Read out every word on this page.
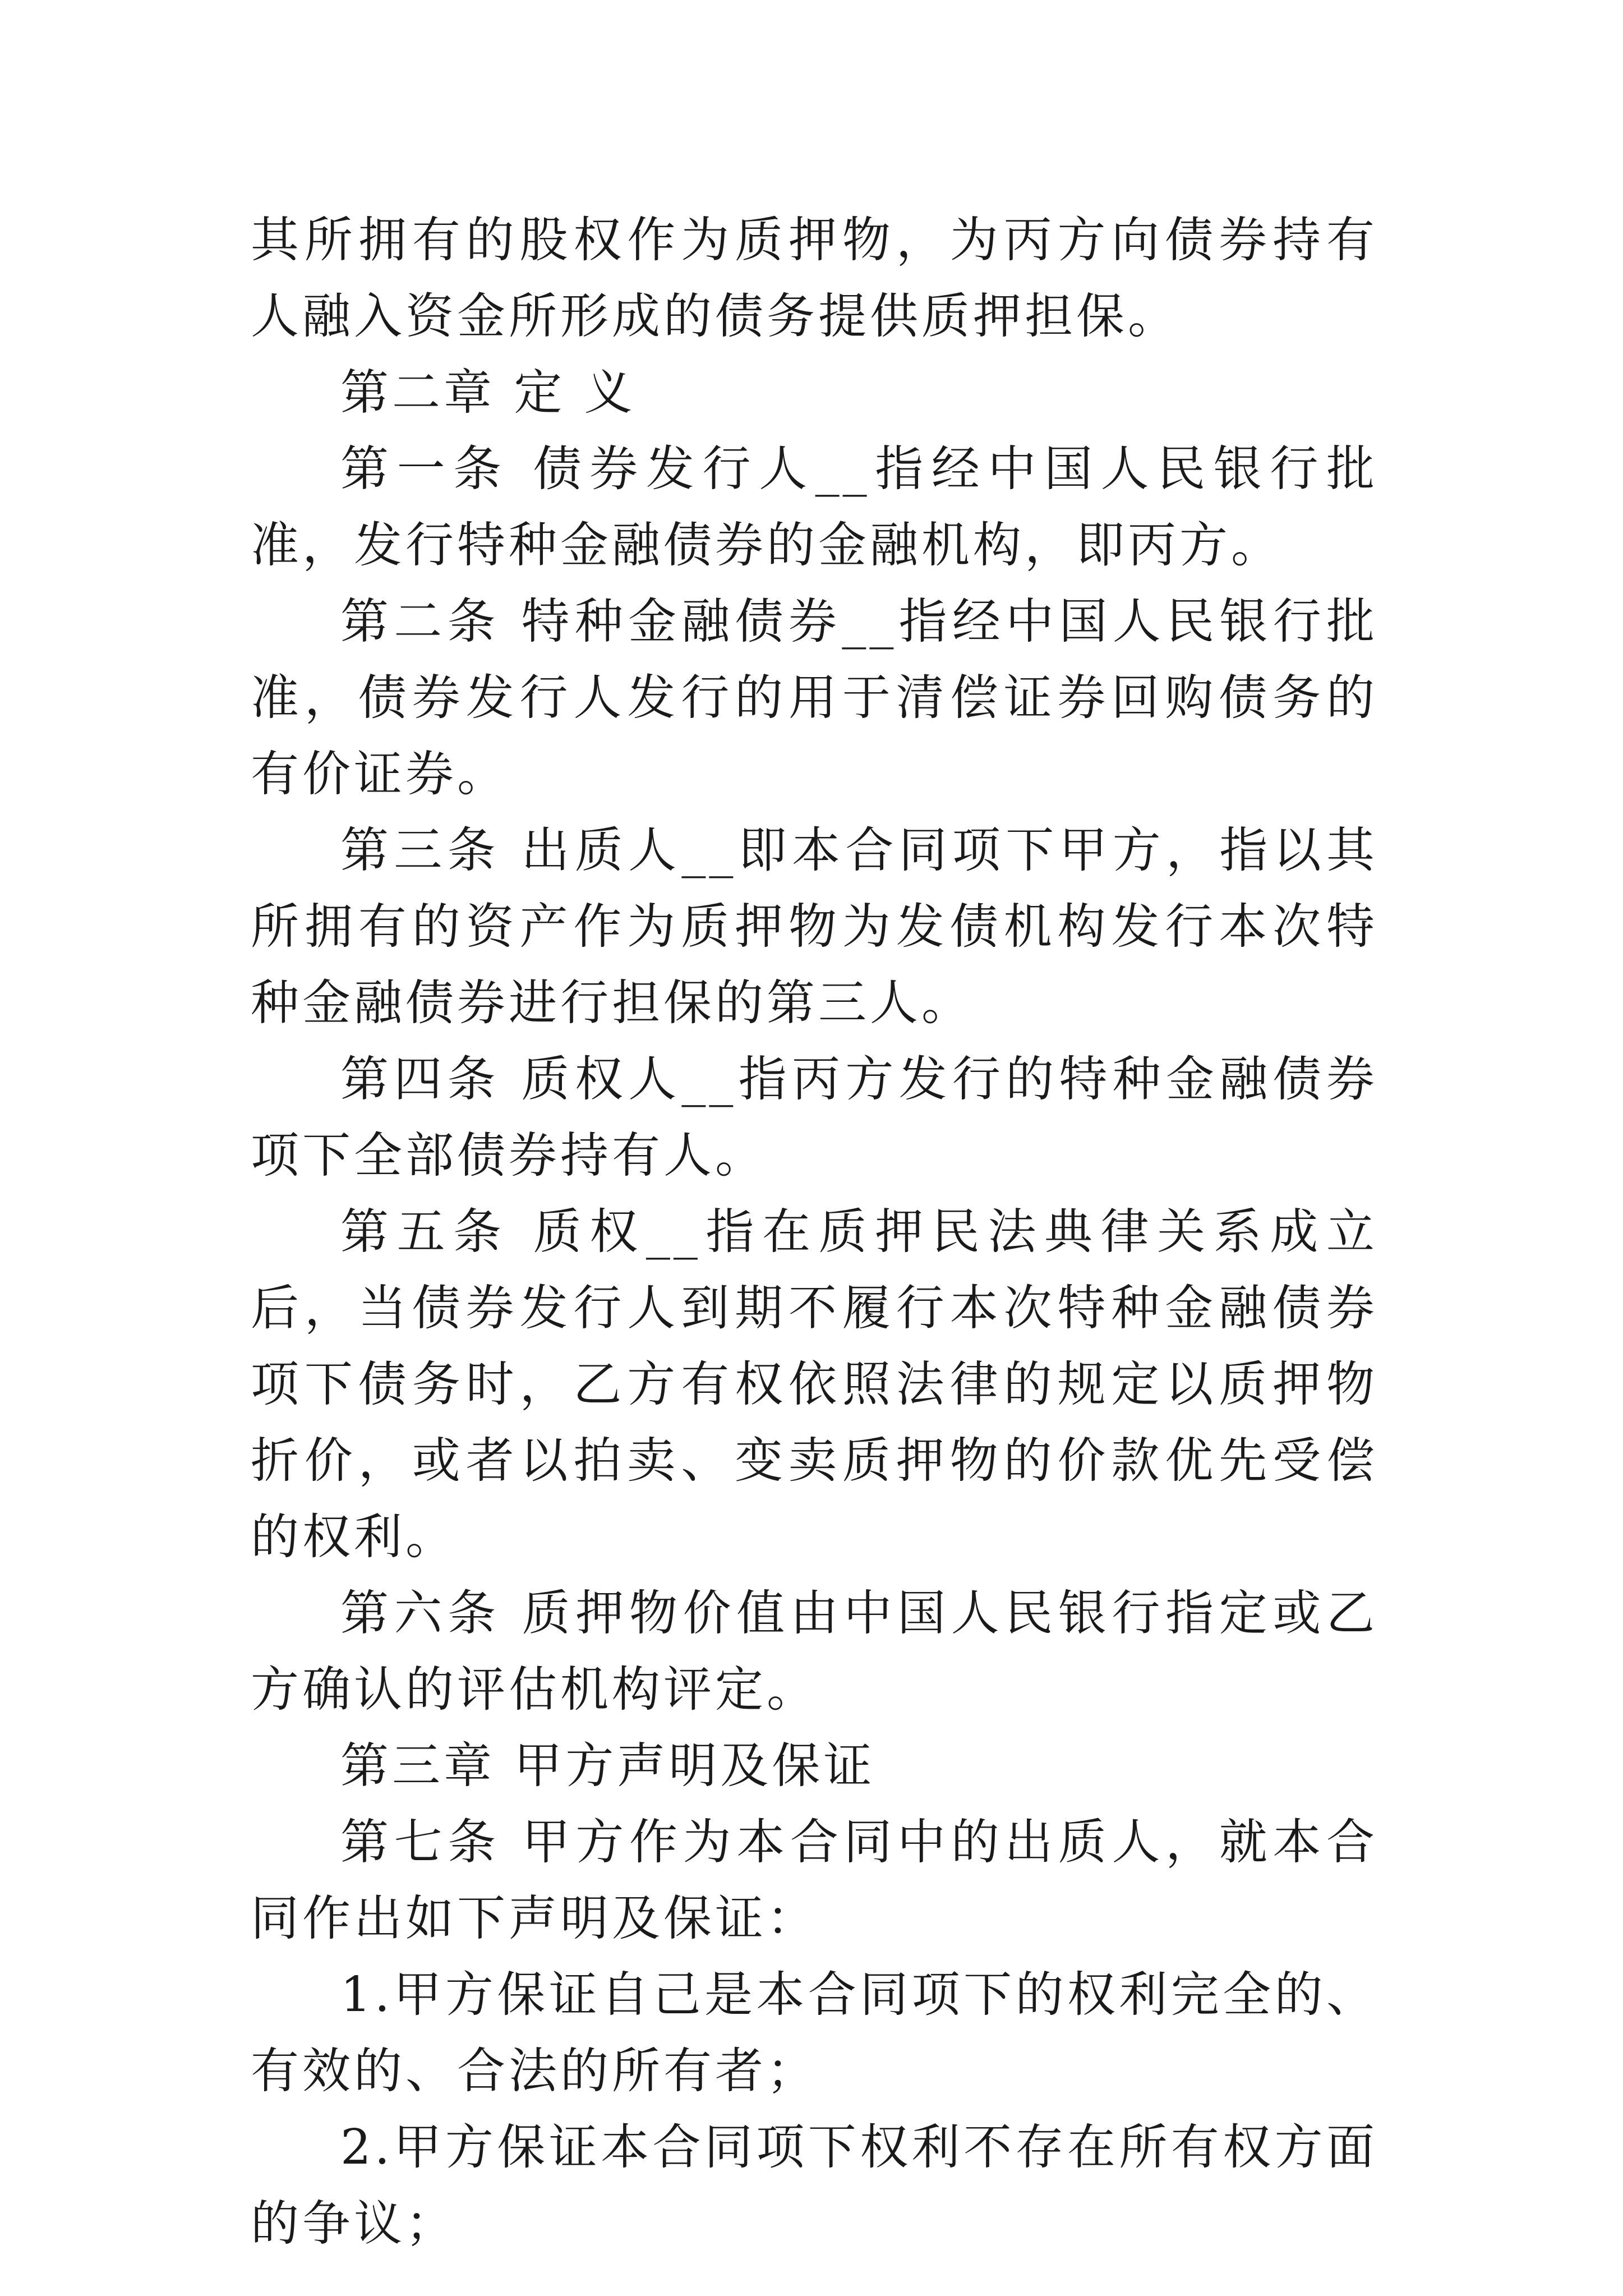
其所拥有的股权作为质押物，为丙方向债券持有人融入资金所形成的债务提供质押担保。

第二章 定 义

第一条 债券发行人__指经中国人民银行批准，发行特种金融债券的金融机构，即丙方。

第二条 特种金融债券__指经中国人民银行批准，债券发行人发行的用于清偿证券回购债务的有价证券。

第三条 出质人__即本合同项下甲方，指以其所拥有的资产作为质押物为发债机构发行本次特种金融债券进行担保的第三人。

第四条 质权人__指丙方发行的特种金融债券项下全部债券持有人。

第五条 质权__指在质押民法典律关系成立后，当债券发行人到期不履行本次特种金融债券项下债务时，乙方有权依照法律的规定以质押物折价，或者以拍卖、变卖质押物的价款优先受偿的权利。

第六条 质押物价值由中国人民银行指定或乙方确认的评估机构评定。

第三章 甲方声明及保证

第七条 甲方作为本合同中的出质人，就本合同作出如下声明及保证：

1.甲方保证自己是本合同项下的权利完全的、有效的、合法的所有者；

2.甲方保证本合同项下权利不存在所有权方面的争议；
